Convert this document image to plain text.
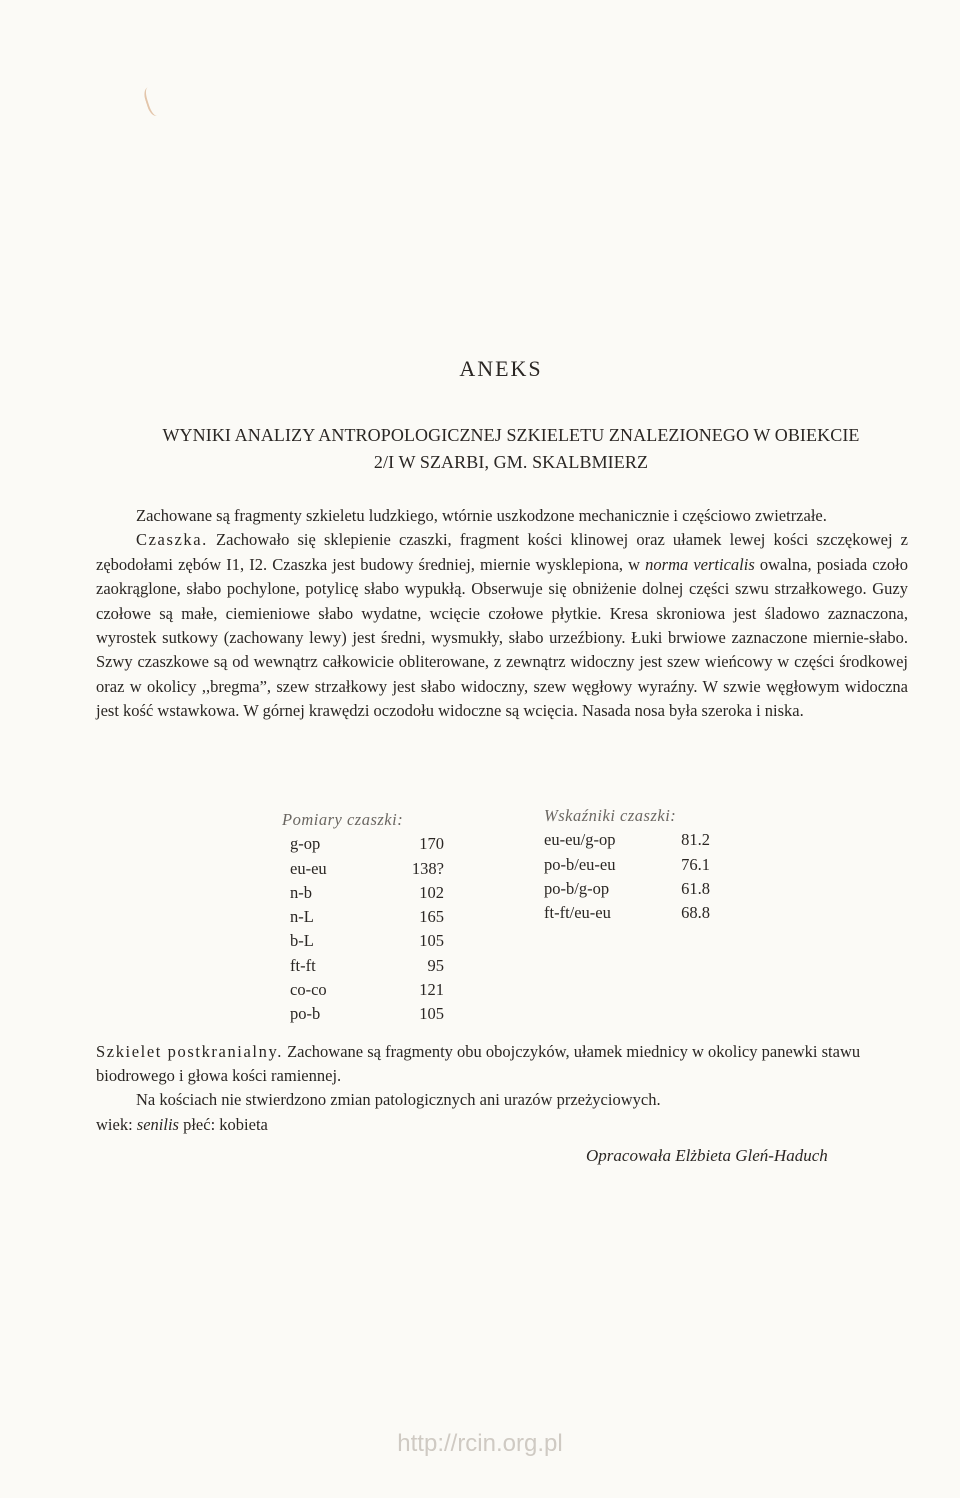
ANEKS
WYNIKI ANALIZY ANTROPOLOGICZNEJ SZKIELETU ZNALEZIONEGO W OBIEKCIE
2/I W SZARBI, GM. SKALBMIERZ

Zachowane są fragmenty szkieletu ludzkiego, wtórnie uszkodzone mechanicznie i częściowo zwietrzałe.

Czaszka. Zachowało się sklepienie czaszki, fragment kości klinowej oraz ułamek lewej kości szczękowej z zębodołami zębów I1, I2. Czaszka jest budowy średniej, miernie wysklepiona, w norma verticalis owalna, posiada czoło zaokrąglone, słabo pochylone, potylicę słabo wypukłą. Obserwuje się obniżenie dolnej części szwu strzałkowego. Guzy czołowe są małe, ciemieniowe słabo wydatne, wcięcie czołowe płytkie. Kresa skroniowa jest śladowo zaznaczona, wyrostek sutkowy (zachowany lewy) jest średni, wysmukły, słabo urzeźbiony. Łuki brwiowe zaznaczone miernie-słabo. Szwy czaszkowe są od wewnątrz całkowicie obliterowane, z zewnątrz widoczny jest szew wieńcowy w części środkowej oraz w okolicy ,,bregma”, szew strzałkowy jest słabo widoczny, szew węgłowy wyraźny. W szwie węgłowym widoczna jest kość wstawkowa. W górnej krawędzi oczodołu widoczne są wcięcia. Nasada nosa była szeroka i niska.

Pomiary czaszki:
g-op	170
eu-eu	138?
n-b	102
n-L	165
b-L	105
ft-ft	95
co-co	121
po-b	105
Wskaźniki czaszki:
eu-eu/g-op	81.2
po-b/eu-eu	76.1
po-b/g-op	61.8
ft-ft/eu-eu	68.8

Szkielet postkranialny. Zachowane są fragmenty obu obojczyków, ułamek miednicy w okolicy panewki stawu biodrowego i głowa kości ramiennej.

Na kościach nie stwierdzono zmian patologicznych ani urazów przeżyciowych.

wiek: senilis płeć: kobieta

Opracowała Elżbieta Gleń-Haduch
http://rcin.org.pl
